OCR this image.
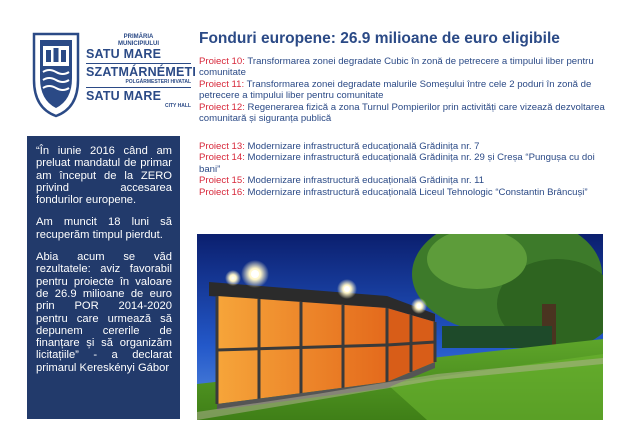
PRIMĂRIA
MUNICIPIULUI
SATU MARE
SZATMÁRNÉMETI
POLGÁRMESTERI HIVATAL
SATU MARE
CITY HALL

“În iunie 2016 când am preluat mandatul de primar am început de la ZERO privind accesarea fondurilor europene.

Am muncit 18 luni să recuperăm timpul pierdut.

Abia acum se văd rezultatele: aviz favorabil pentru proiecte în valoare de 26.9 milioane de euro prin POR 2014-2020 pentru care urmează să depunem cererile de finanțare și să organizăm licitațiile” - a declarat primarul Kereskényi Gábor

Fonduri europene: 26.9 milioane de euro eligibile

Proiect 10: Transformarea zonei degradate Cubic în zonă de petrecere a timpului liber pentru comunitate

Proiect 11: Transformarea zonei degradate malurile Someșului între cele 2 poduri în zonă de petrecere a timpului liber pentru comunitate

Proiect 12: Regenerarea fizică a zona Turnul Pompierilor prin activități care vizează dezvoltarea comunitară și siguranța publică

Proiect 13: Modernizare infrastructură educațională Grădinița nr. 7

Proiect 14: Modernizare infrastructură educațională Grădinița nr. 29 și Creșa “Pungușa cu doi bani”

Proiect 15: Modernizare infrastructură educațională Grădinița nr. 11

Proiect 16: Modernizare infrastructură educațională Liceul Tehnologic “Constantin Brâncuși”
